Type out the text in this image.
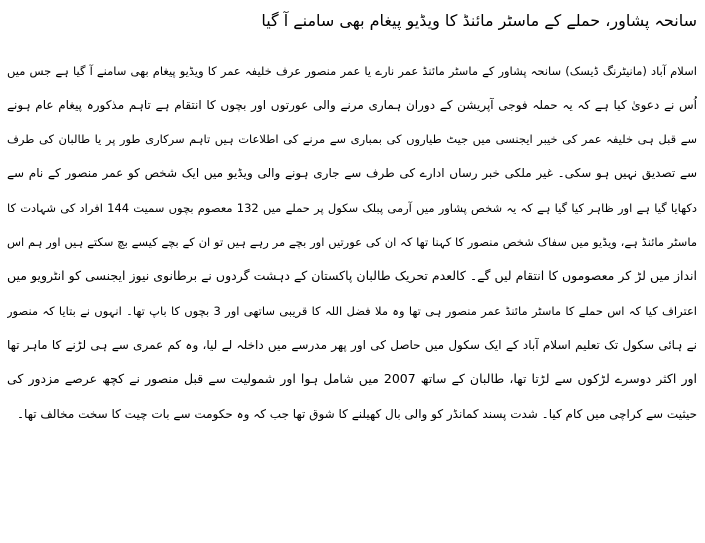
سانحہ پشاور، حملے کے ماسٹر مائنڈ کا ویڈیو پیغام بھی سامنے آ گیا
اسلام آباد (مانیٹرنگ ڈیسک) سانحہ پشاور کے ماسٹر مائنڈ عمر نارے یا عمر منصور عرف خلیفہ عمر کا ویڈیو پیغام بھی سامنے آ گیا ہے جس میں
اُس نے دعویٰ کیا ہے کہ یہ حملہ فوجی آپریشن کے دوران ہماری مرنے والی عورتوں اور بچوں کا انتقام ہے تاہم مذکورہ پیغام عام ہونے
سے قبل ہی خلیفہ عمر کی خیبر ایجنسی میں جیٹ طیاروں کی بمباری سے مرنے کی اطلاعات ہیں تاہم سرکاری طور پر یا طالبان کی طرف
سے تصدیق نہیں ہو سکی۔ غیر ملکی خبر رساں ادارے کی طرف سے جاری ہونے والی ویڈیو میں ایک شخص کو عمر منصور کے نام سے
دکھایا گیا ہے اور ظاہر کیا گیا ہے کہ یہ شخص پشاور میں آرمی پبلک سکول پر حملے میں 132 معصوم بچوں سمیت 144 افراد کی شہادت کا
ماسٹر مائنڈ ہے، ویڈیو میں سفاک شخص منصور کا کہنا تھا کہ ان کی عورتیں اور بچے مر رہے ہیں تو ان کے بچے کیسے بچ سکتے ہیں اور ہم اس
انداز میں لڑ کر معصوموں کا انتقام لیں گے۔ کالعدم تحریک طالبان پاکستان کے دہشت گردوں نے برطانوی نیوز ایجنسی کو انٹرویو میں
اعتراف کیا کہ اس حملے کا ماسٹر مائنڈ عمر منصور ہی تھا وہ ملا فضل اللہ کا قریبی ساتھی اور 3 بچوں کا باپ تھا۔ انہوں نے بتایا کہ منصور
نے ہائی سکول تک تعلیم اسلام آباد کے ایک سکول میں حاصل کی اور پھر مدرسے میں داخلہ لے لیا، وہ کم عمری سے ہی لڑنے کا ماہر تھا
اور اکثر دوسرے لڑکوں سے لڑتا تھا، طالبان کے ساتھ 2007 میں شامل ہوا اور شمولیت سے قبل منصور نے کچھ عرصے مزدور کی
حیثیت سے کراچی میں کام کیا۔ شدت پسند کمانڈر کو والی بال کھیلنے کا شوق تھا جب کہ وہ حکومت سے بات چیت کا سخت مخالف تھا۔
